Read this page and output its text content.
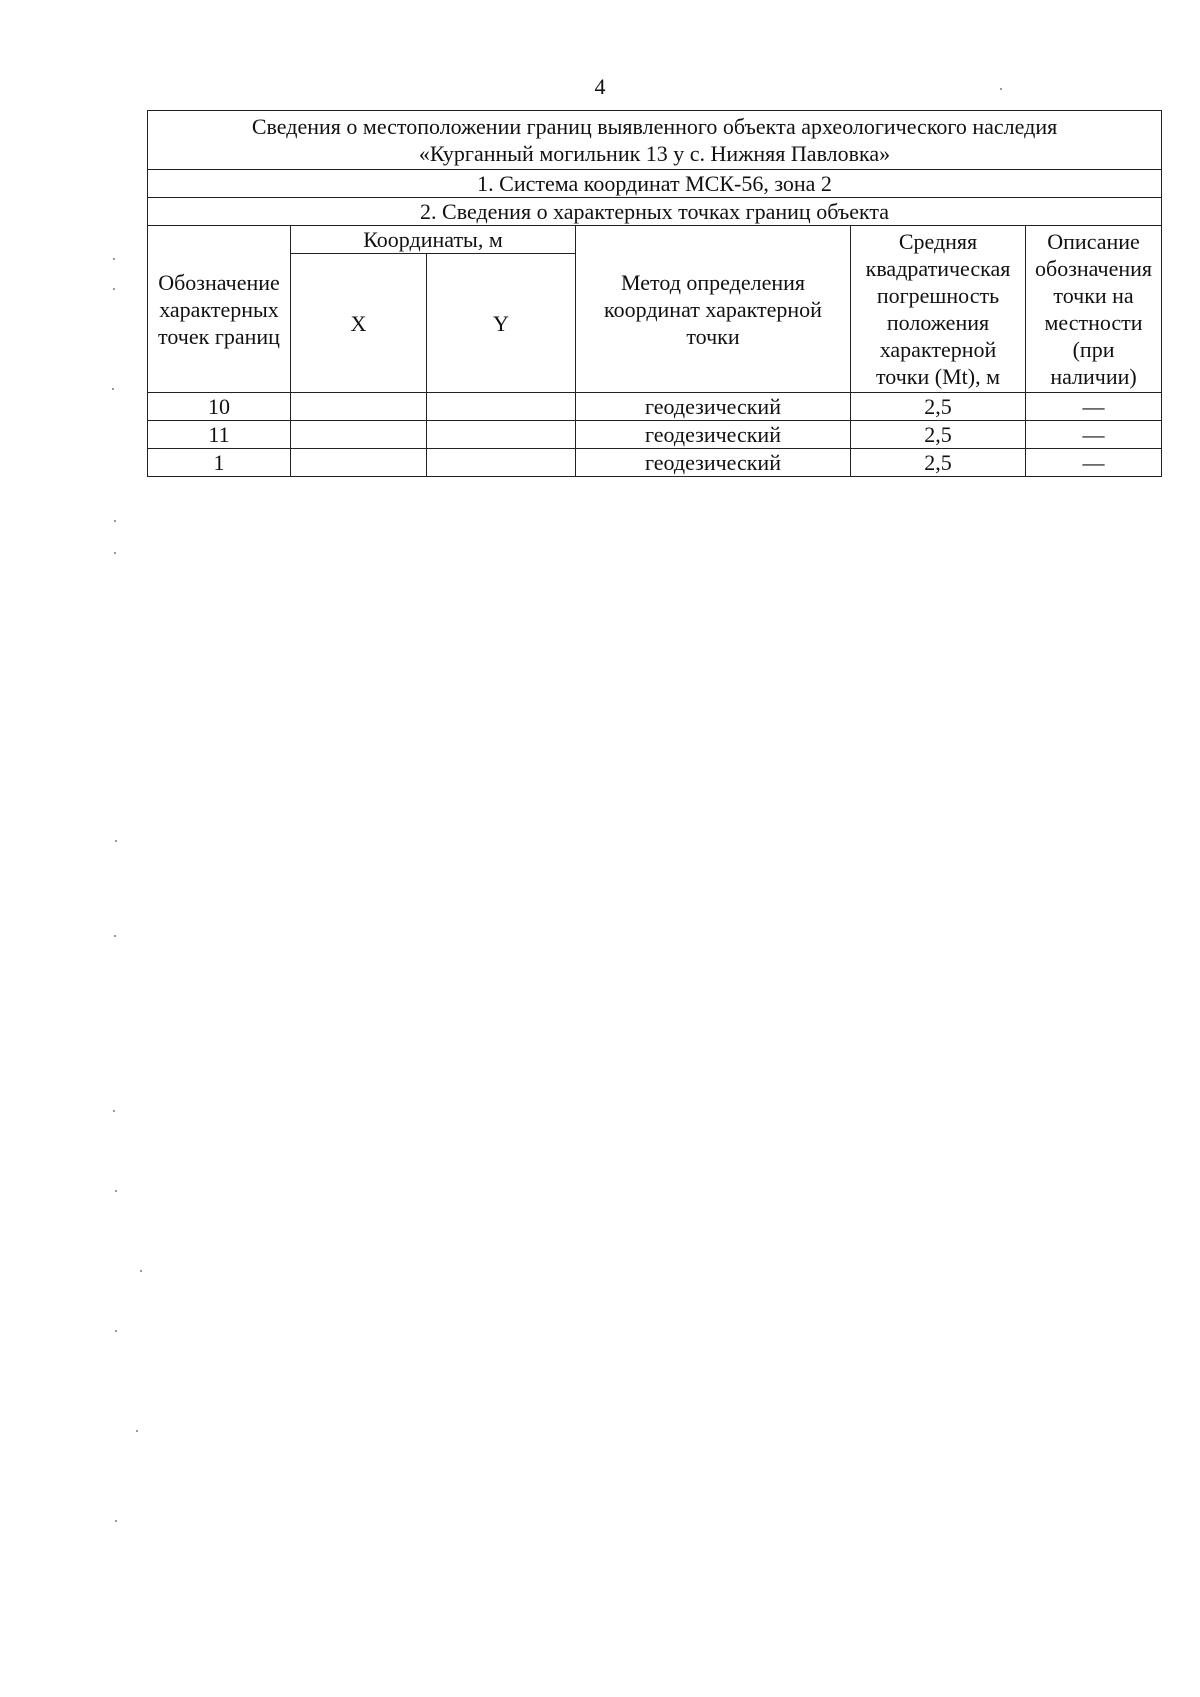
4
Сведения о местоположении границ выявленного объекта археологического наследия
«Курганный могильник 13 у с. Нижняя Павловка»					

1. Система координат МСК-56, зона 2					
2. Сведения о характерных точках границ объекта					
Обозначение характерных точек границ	Координаты, м		Метод определения координат характерной точки	Средняя квадратическая погрешность положения характерной точки (Mt), м	Описание обозначения точки на местности (при наличии)
	X	Y			
10			геодезический	2,5	—
11			геодезический	2,5	—
1			геодезический	2,5	—
